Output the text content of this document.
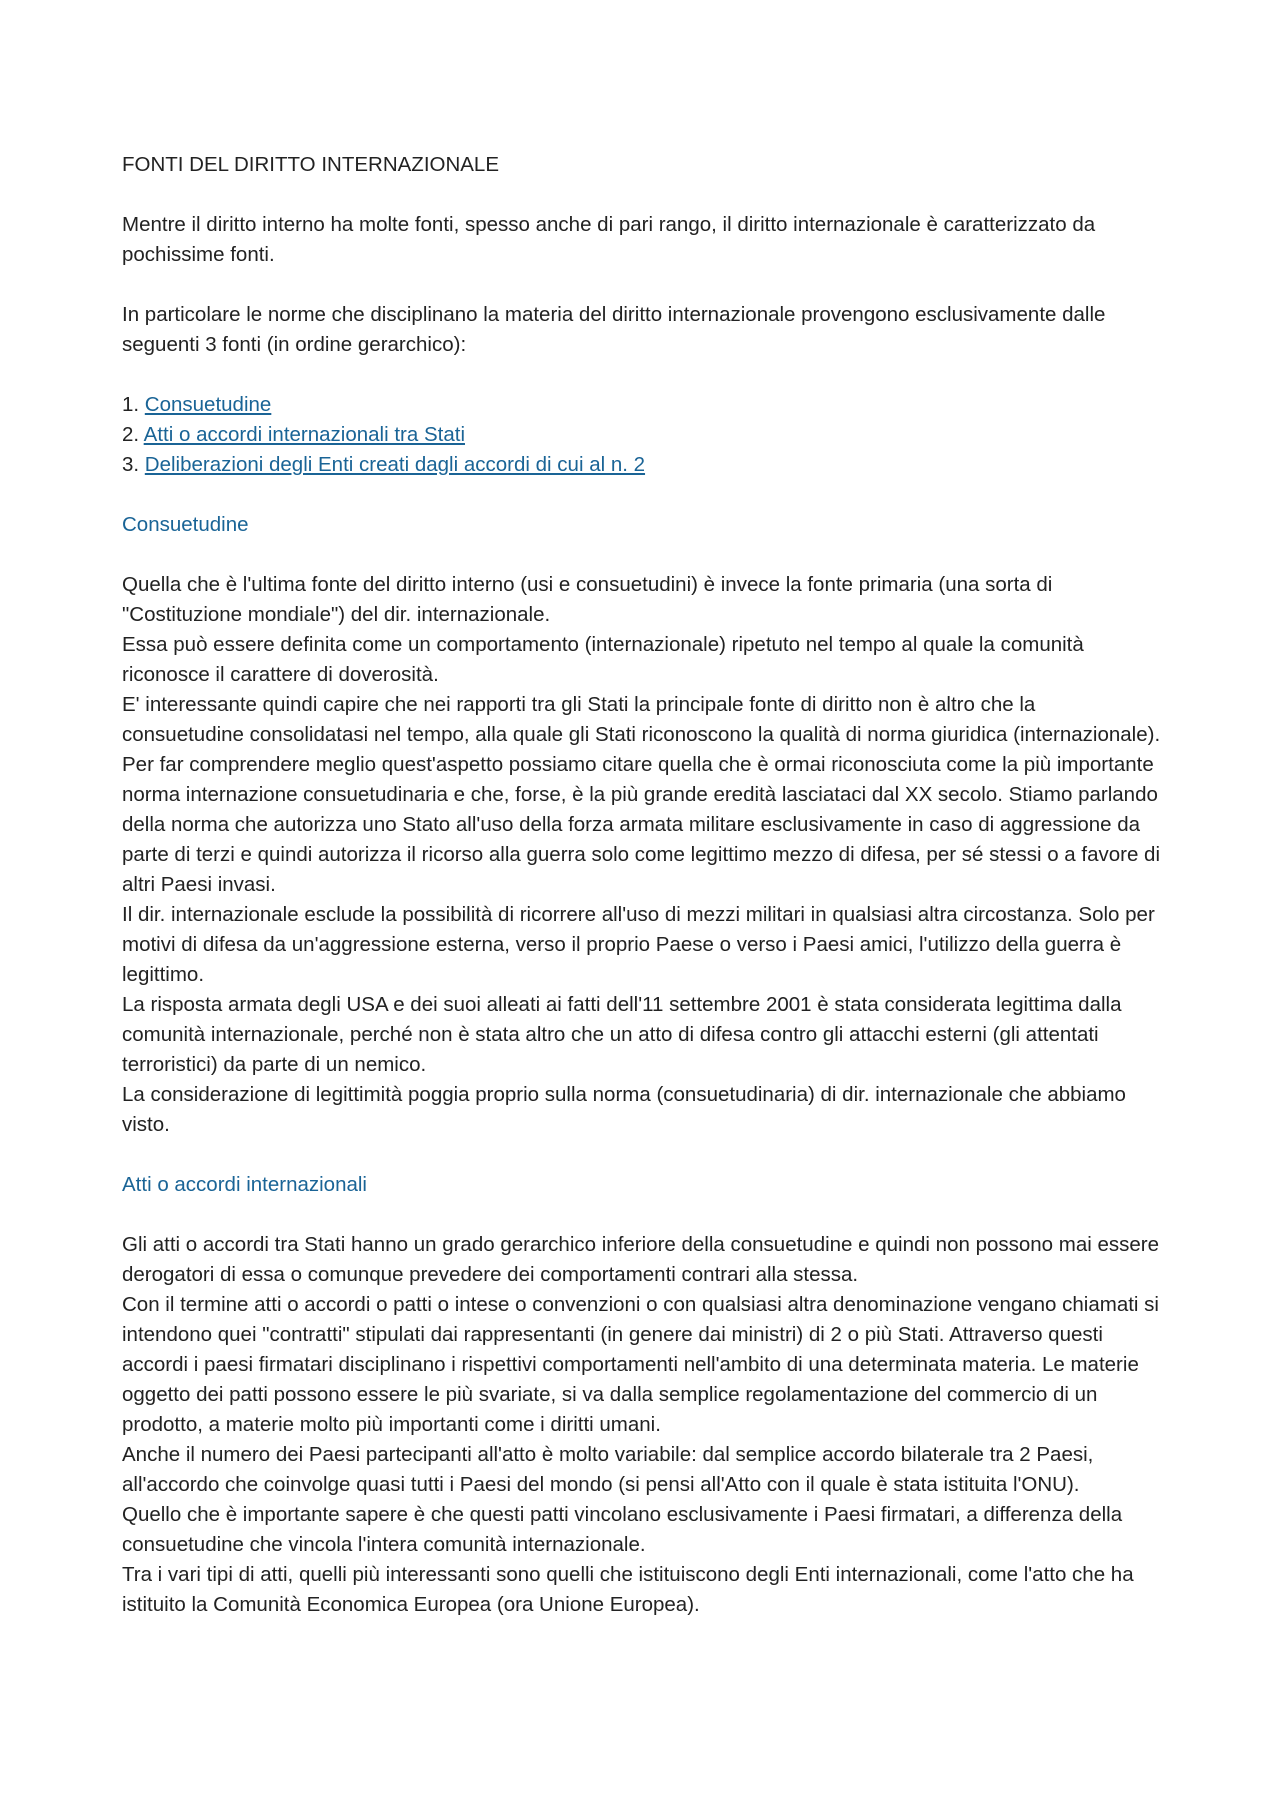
FONTI DEL DIRITTO INTERNAZIONALE

Mentre il diritto interno ha molte fonti, spesso anche di pari rango, il diritto internazionale è caratterizzato da pochissime fonti.

In particolare le norme che disciplinano la materia del diritto internazionale provengono esclusivamente dalle seguenti 3 fonti (in ordine gerarchico):

1. Consuetudine
2. Atti o accordi internazionali tra Stati
3. Deliberazioni degli Enti creati dagli accordi di cui al n. 2
Consuetudine

Quella che è l'ultima fonte del diritto interno (usi e consuetudini) è invece la fonte primaria (una sorta di "Costituzione mondiale") del dir. internazionale.

Essa può essere definita come un comportamento (internazionale) ripetuto nel tempo al quale la comunità riconosce il carattere di doverosità.

E' interessante quindi capire che nei rapporti tra gli Stati la principale fonte di diritto non è altro che la consuetudine consolidatasi nel tempo, alla quale gli Stati riconoscono la qualità di norma giuridica (internazionale).

Per far comprendere meglio quest'aspetto possiamo citare quella che è ormai riconosciuta come la più importante norma internazione consuetudinaria e che, forse, è la più grande eredità lasciataci dal XX secolo. Stiamo parlando della norma che autorizza uno Stato all'uso della forza armata militare esclusivamente in caso di aggressione da parte di terzi e quindi autorizza il ricorso alla guerra solo come legittimo mezzo di difesa, per sé stessi o a favore di altri Paesi invasi.

Il dir. internazionale esclude la possibilità di ricorrere all'uso di mezzi militari in qualsiasi altra circostanza. Solo per motivi di difesa da un'aggressione esterna, verso il proprio Paese o verso i Paesi amici, l'utilizzo della guerra è legittimo.

La risposta armata degli USA e dei suoi alleati ai fatti dell'11 settembre 2001 è stata considerata legittima dalla comunità internazionale, perché non è stata altro che un atto di difesa contro gli attacchi esterni (gli attentati terroristici) da parte di un nemico.

La considerazione di legittimità poggia proprio sulla norma (consuetudinaria) di dir. internazionale che abbiamo visto.

Atti o accordi internazionali

Gli atti o accordi tra Stati hanno un grado gerarchico inferiore della consuetudine e quindi non possono mai essere derogatori di essa o comunque prevedere dei comportamenti contrari alla stessa.

Con il termine atti o accordi o patti o intese o convenzioni o con qualsiasi altra denominazione vengano chiamati si intendono quei "contratti" stipulati dai rappresentanti (in genere dai ministri) di 2 o più Stati. Attraverso questi accordi i paesi firmatari disciplinano i rispettivi comportamenti nell'ambito di una determinata materia. Le materie oggetto dei patti possono essere le più svariate, si va dalla semplice regolamentazione del commercio di un prodotto, a materie molto più importanti come i diritti umani.

Anche il numero dei Paesi partecipanti all'atto è molto variabile: dal semplice accordo bilaterale tra 2 Paesi, all'accordo che coinvolge quasi tutti i Paesi del mondo (si pensi all'Atto con il quale è stata istituita l'ONU).

Quello che è importante sapere è che questi patti vincolano esclusivamente i Paesi firmatari, a differenza della consuetudine che vincola l'intera comunità internazionale.

Tra i vari tipi di atti, quelli più interessanti sono quelli che istituiscono degli Enti internazionali, come l'atto che ha istituito la Comunità Economica Europea (ora Unione Europea).
